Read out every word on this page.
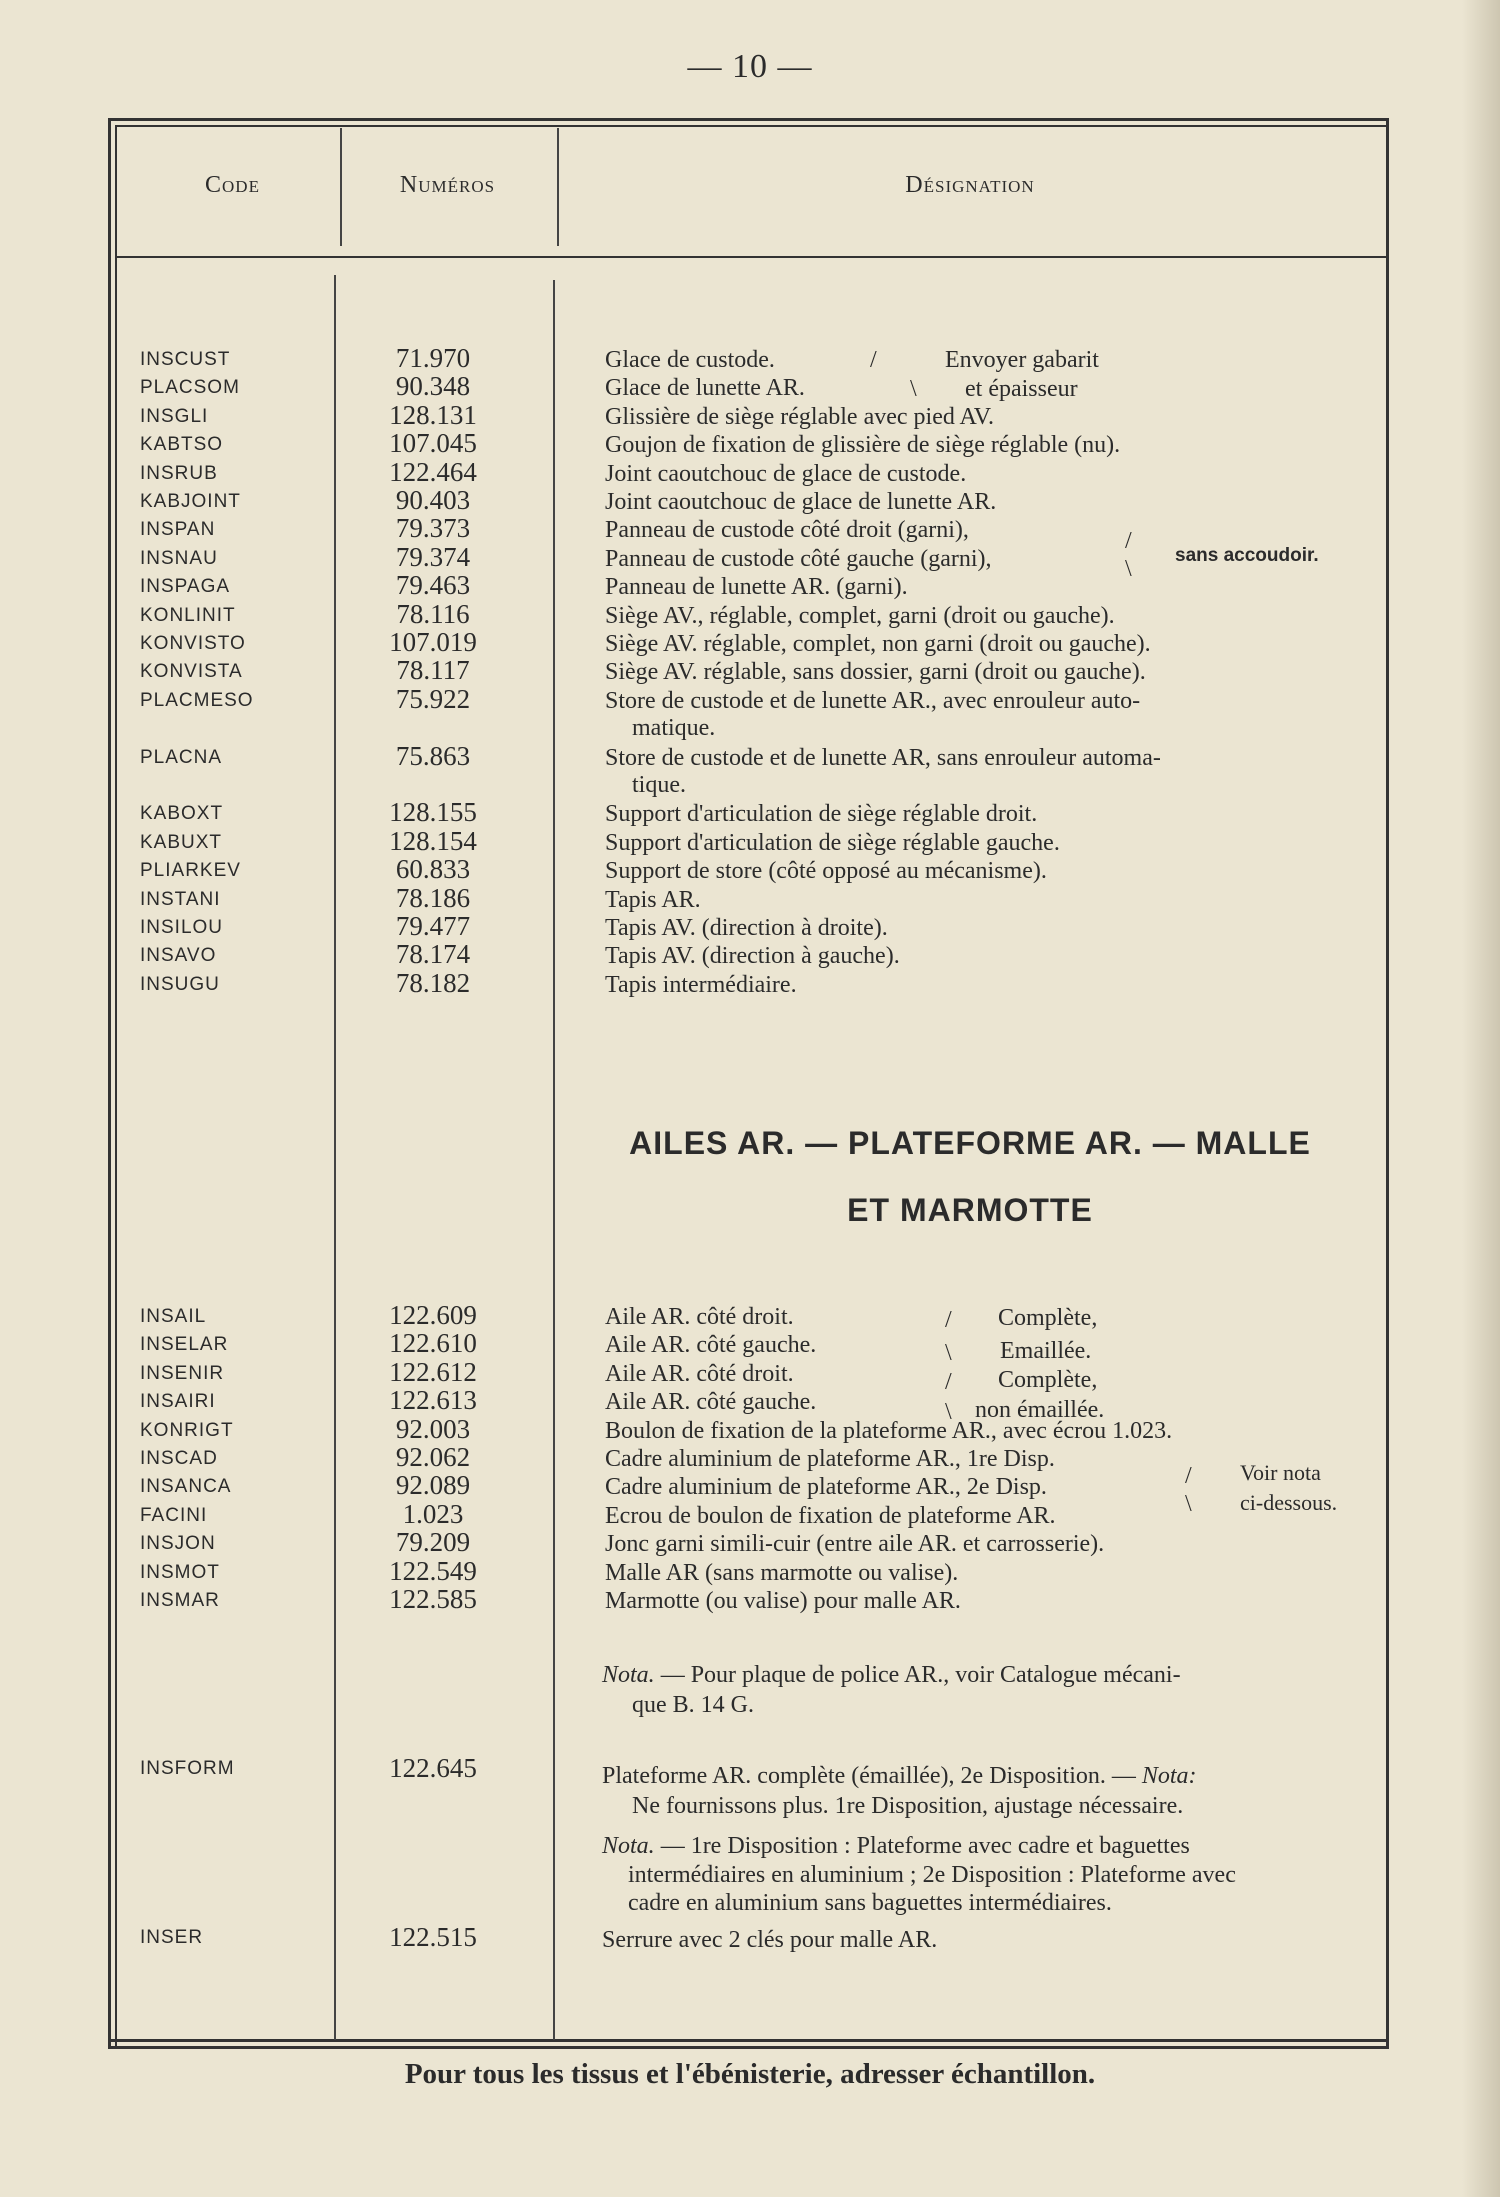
— 10 —
Code	Numéros	Désignation
INSCUST	71.970	Glace de custode.
PLACSOM	90.348	Glace de lunette AR.
INSGLI	128.131	Glissière de siège réglable avec pied AV.
KABTSO	107.045	Goujon de fixation de glissière de siège réglable (nu).
INSRUB	122.464	Joint caoutchouc de glace de custode.
KABJOINT	90.403	Joint caoutchouc de glace de lunette AR.
INSPAN	79.373	Panneau de custode côté droit (garni),
INSNAU	79.374	Panneau de custode côté gauche (garni),
INSPAGA	79.463	Panneau de lunette AR. (garni).
KONLINIT	78.116	Siège AV., réglable, complet, garni (droit ou gauche).
KONVISTO	107.019	Siège AV. réglable, complet, non garni (droit ou gauche).
KONVISTA	78.117	Siège AV. réglable, sans dossier, garni (droit ou gauche).
PLACMESO	75.922	Store de custode et de lunette AR., avec enrouleur auto-
matique.
PLACNA	75.863	Store de custode et de lunette AR, sans enrouleur automa-
tique.
KABOXT	128.155	Support d'articulation de siège réglable droit.
KABUXT	128.154	Support d'articulation de siège réglable gauche.
PLIARKEV	60.833	Support de store (côté opposé au mécanisme).
INSTANI	78.186	Tapis AR.
INSILOU	79.477	Tapis AV. (direction à droite).
INSAVO	78.174	Tapis AV. (direction à gauche).
INSUGU	78.182	Tapis intermédiaire.
/	Envoyer gabarit
\ et épaisseur
/
\
sans accoudoir.
AILES AR. — PLATEFORME AR. — MALLE
ET MARMOTTE
INSAIL	122.609	Aile AR. côté droit.
INSELAR	122.610	Aile AR. côté gauche.
INSENIR	122.612	Aile AR. côté droit.
INSAIRI	122.613	Aile AR. côté gauche.
KONRIGT	92.003	Boulon de fixation de la plateforme AR., avec écrou 1.023.
INSCAD	92.062	Cadre aluminium de plateforme AR., 1re Disp.
INSANCA	92.089	Cadre aluminium de plateforme AR., 2e Disp.
FACINI	1.023	Ecrou de boulon de fixation de plateforme AR.
INSJON	79.209	Jonc garni simili-cuir (entre aile AR. et carrosserie).
INSMOT	122.549	Malle AR (sans marmotte ou valise).
INSMAR	122.585	Marmotte (ou valise) pour malle AR.
/ Complète,
\ Emaillée.
/ Complète,
\ non émaillée.
/ Voir nota
\ ci-dessous.
Nota. — Pour plaque de police AR., voir Catalogue mécani-
que B. 14 G.
INSFORM	122.645	Plateforme AR. complète (émaillée), 2e Disposition. — Nota:
Ne fournissons plus. 1re Disposition, ajustage nécessaire.
Nota. — 1re Disposition : Plateforme avec cadre et baguettes
intermédiaires en aluminium ; 2e Disposition : Plateforme avec
cadre en aluminium sans baguettes intermédiaires.
INSER	122.515	Serrure avec 2 clés pour malle AR.
Pour tous les tissus et l'ébénisterie, adresser échantillon.
